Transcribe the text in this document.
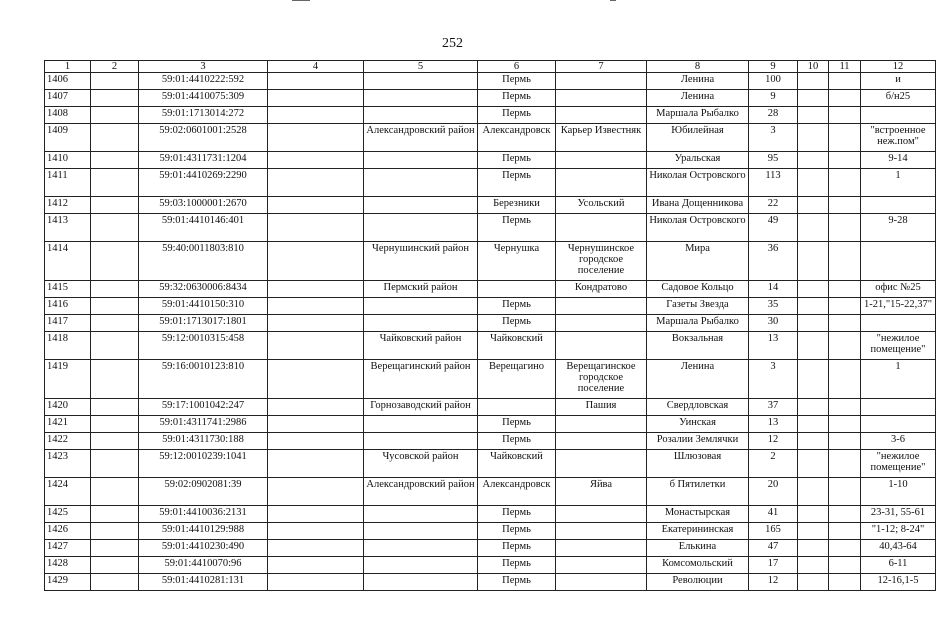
252
1	2	3	4	5	6	7	8	9	10	11	12
1406		59:01:4410222:592			Пермь		Ленина	100			и
1407		59:01:4410075:309			Пермь		Ленина	9			б/н25
1408		59:01:1713014:272			Пермь		Маршала Рыбалко	28			
1409		59:02:0601001:2528		Александровский район	Александровск	Карьер Известняк	Юбилейная	3			"встроенное неж.пом"
1410		59:01:4311731:1204			Пермь		Уральская	95			9-14
1411		59:01:4410269:2290			Пермь		Николая Островского	113			1
1412		59:03:1000001:2670			Березники	Усольский	Ивана Дощенникова	22			
1413		59:01:4410146:401			Пермь		Николая Островского	49			9-28
1414		59:40:0011803:810		Чернушинский район	Чернушка	Чернушинское городское поселение	Мира	36			
1415		59:32:0630006:8434		Пермский район		Кондратово	Садовое Кольцо	14			офис №25
1416		59:01:4410150:310			Пермь		Газеты Звезда	35			1-21,"15-22,37"
1417		59:01:1713017:1801			Пермь		Маршала Рыбалко	30			
1418		59:12:0010315:458		Чайковский район	Чайковский		Вокзальная	13			"нежилое помещение"
1419		59:16:0010123:810		Верещагинский район	Верещагино	Верещагинское городское поселение	Ленина	3			1
1420		59:17:1001042:247		Горнозаводский район		Пашия	Свердловская	37			
1421		59:01:4311741:2986			Пермь		Уинская	13			
1422		59:01:4311730:188			Пермь		Розалии Землячки	12			3-6
1423		59:12:0010239:1041		Чусовской район	Чайковский		Шлюзовая	2			"нежилое помещение"
1424		59:02:0902081:39		Александровский район	Александровск	Яйва	б Пятилетки	20			1-10
1425		59:01:4410036:2131			Пермь		Монастырская	41			23-31, 55-61
1426		59:01:4410129:988			Пермь		Екатерининская	165			"1-12; 8-24"
1427		59:01:4410230:490			Пермь		Елькина	47			40,43-64
1428		59:01:4410070:96			Пермь		Комсомольский	17			6-11
1429		59:01:4410281:131			Пермь		Революции	12			12-16,1-5
